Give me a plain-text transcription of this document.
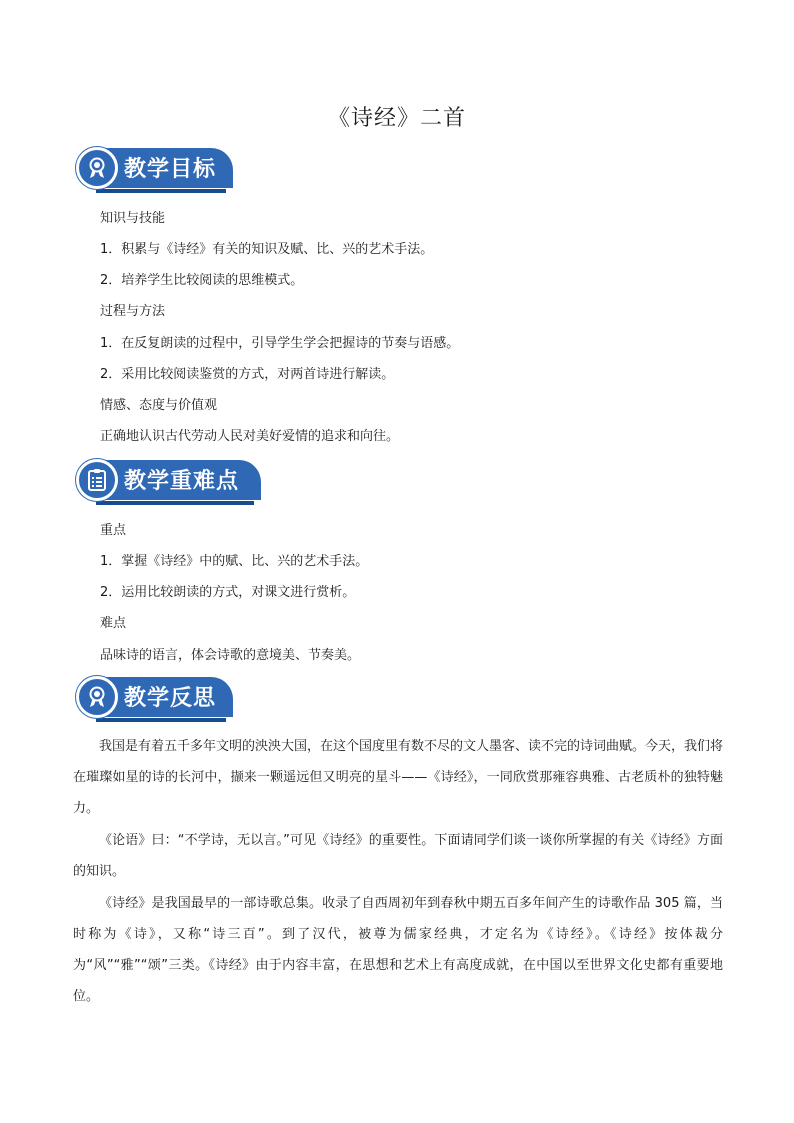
《诗经》二首
教学目标
知识与技能
1．积累与《诗经》有关的知识及赋、比、兴的艺术手法。
2．培养学生比较阅读的思维模式。
过程与方法
1．在反复朗读的过程中，引导学生学会把握诗的节奏与语感。
2．采用比较阅读鉴赏的方式，对两首诗进行解读。
情感、态度与价值观
正确地认识古代劳动人民对美好爱情的追求和向往。
教学重难点
重点
1．掌握《诗经》中的赋、比、兴的艺术手法。
2．运用比较朗读的方式，对课文进行赏析。
难点
品味诗的语言，体会诗歌的意境美、节奏美。
教学反思
我国是有着五千多年文明的泱泱大国，在这个国度里有数不尽的文人墨客、读不完的诗词曲赋。今天，我们将在璀璨如星的诗的长河中，撷来一颗遥远但又明亮的星斗——《诗经》，一同欣赏那雍容典雅、古老质朴的独特魅力。
《论语》曰：“不学诗，无以言。”可见《诗经》的重要性。下面请同学们谈一谈你所掌握的有关《诗经》方面的知识。
《诗经》是我国最早的一部诗歌总集。收录了自西周初年到春秋中期五百多年间产生的诗歌作品 305 篇，当时称为《诗》，又称“诗三百”。到了汉代，被尊为儒家经典，才定名为《诗经》。《诗经》按体裁分为“风”“雅”“颂”三类。《诗经》由于内容丰富，在思想和艺术上有高度成就，在中国以至世界文化史都有重要地位。
